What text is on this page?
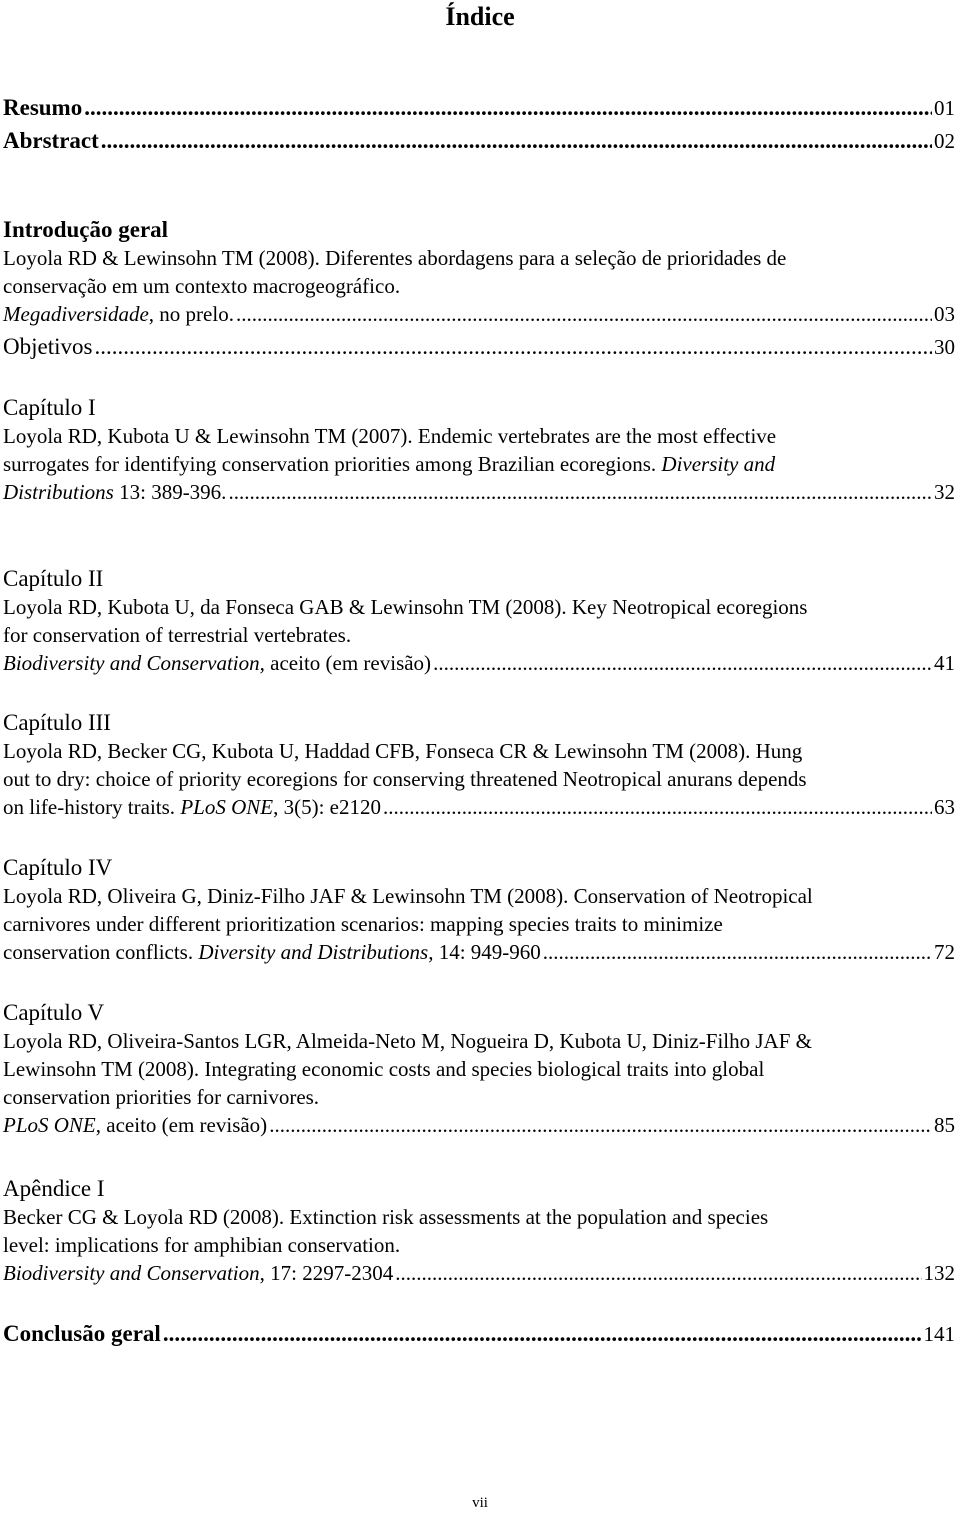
Índice
Resumo .....	01
Abrstract .....	02
Introdução geral
Loyola RD & Lewinsohn TM (2008). Diferentes abordagens para a seleção de prioridades de
conservação em um contexto macrogeográfico.
Megadiversidade, no prelo. .....	03
Objetivos .....	30
Capítulo I
Loyola RD, Kubota U & Lewinsohn TM (2007). Endemic vertebrates are the most effective
surrogates for identifying conservation priorities among Brazilian ecoregions. Diversity and
Distributions 13: 389-396. .....	32
Capítulo II
Loyola RD, Kubota U, da Fonseca GAB & Lewinsohn TM (2008). Key Neotropical ecoregions
for conservation of terrestrial vertebrates.
Biodiversity and Conservation, aceito (em revisão) .....	41
Capítulo III
Loyola RD, Becker CG, Kubota U, Haddad CFB, Fonseca CR & Lewinsohn TM (2008). Hung
out to dry: choice of priority ecoregions for conserving threatened Neotropical anurans depends
on life-history traits. PLoS ONE, 3(5): e2120 .....	63
Capítulo IV
Loyola RD, Oliveira G, Diniz-Filho JAF & Lewinsohn TM (2008). Conservation of Neotropical
carnivores under different prioritization scenarios: mapping species traits to minimize
conservation conflicts. Diversity and Distributions, 14: 949-960 .....	72
Capítulo V
Loyola RD, Oliveira-Santos LGR, Almeida-Neto M, Nogueira D, Kubota U, Diniz-Filho JAF &
Lewinsohn TM (2008). Integrating economic costs and species biological traits into global
conservation priorities for carnivores.
PLoS ONE, aceito (em revisão) .....	85
Apêndice I
Becker CG & Loyola RD (2008). Extinction risk assessments at the population and species
level: implications for amphibian conservation.
Biodiversity and Conservation, 17: 2297-2304 .....	132
Conclusão geral .....	141
vii
